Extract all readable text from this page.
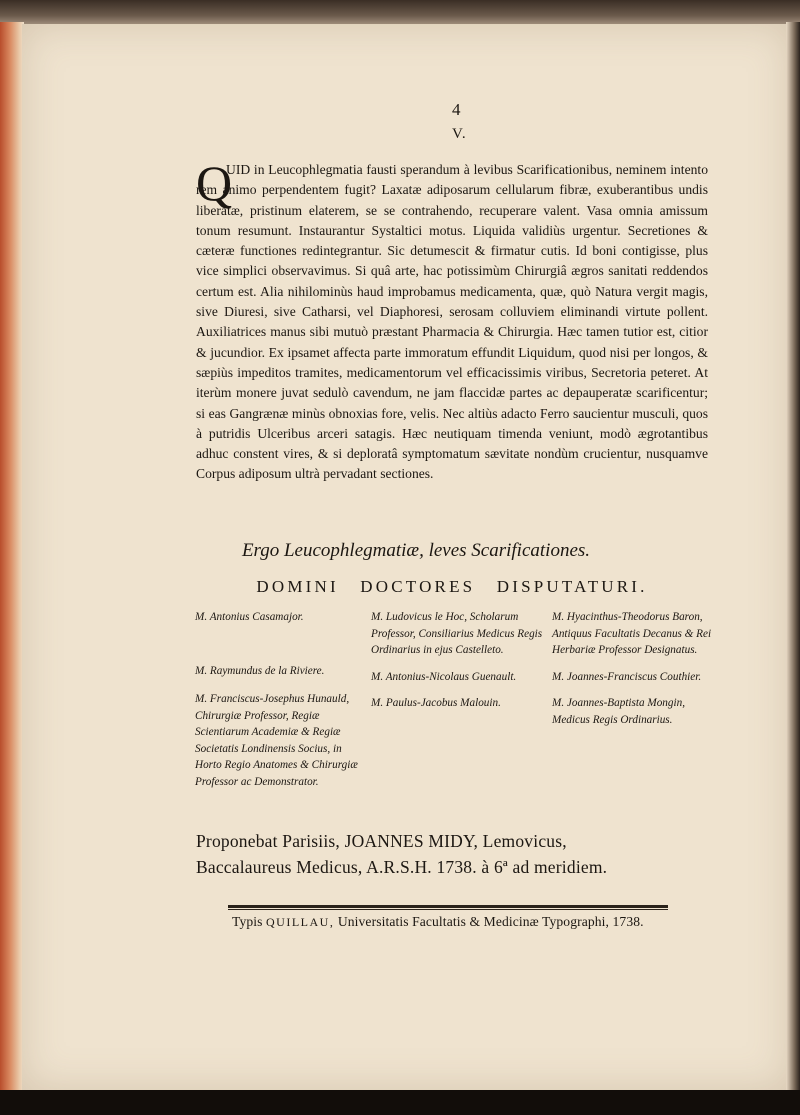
4
V.
Q
UID in Leucophlegmatia fausti sperandum à levibus Scarificationibus, neminem intento rem animo perpendentem fugit? Laxatæ adiposarum cellularum fibræ, exuberantibus undis liberatæ, pristinum elaterem, se se contrahendo, recuperare valent. Vasa omnia amissum tonum resumunt. Instaurantur Systaltici motus. Liquida validiùs urgentur. Secretiones & cæteræ functiones redintegrantur. Sic detumescit & firmatur cutis. Id boni contigisse, plus vice simplici observavimus. Si quâ arte, hac potissimùm Chirurgiâ ægros sanitati reddendos certum est. Alia nihilominùs haud improbamus medicamenta, quæ, quò Natura vergit magis, sive Diuresi, sive Catharsi, vel Diaphoresi, serosam colluviem eliminandi virtute pollent. Auxiliatrices manus sibi mutuò præstant Pharmacia & Chirurgia. Hæc tamen tutior est, citior & jucundior. Ex ipsamet affecta parte immoratum effundit Liquidum, quod nisi per longos, & sæpiùs impeditos tramites, medicamentorum vel efficacissimis viribus, Secretoria peteret. At iterùm monere juvat sedulò cavendum, ne jam flaccidæ partes ac depauperatæ scarificentur; si eas Gangrænæ minùs obnoxias fore, velis. Nec altiùs adacto Ferro saucientur musculi, quos à putridis Ulceribus arceri satagis. Hæc neutiquam timenda veniunt, modò ægrotantibus adhuc constent vires, & si deploratâ symptomatum sævitate nondùm crucientur, nusquamve Corpus adiposum ultrà pervadant sectiones.
Ergo Leucophlegmatiæ, leves Scarificationes.
DOMINI DOCTORES DISPUTATURI.

M. Antonius Casamajor.

M. Raymundus de la Riviere.

M. Franciscus-Josephus Hunauld, Chirurgiæ Professor, Regiæ Scientiarum Academiæ & Regiæ Societatis Londinensis Socius, in Horto Regio Anatomes & Chirurgiæ Professor ac Demonstrator.

M. Ludovicus le Hoc, Scholarum Professor, Consiliarius Medicus Regis Ordinarius in ejus Castelleto.

M. Antonius-Nicolaus Guenault.

M. Paulus-Jacobus Malouin.

M. Hyacinthus-Theodorus Baron, Antiquus Facultatis Decanus & Rei Herbariæ Professor Designatus.

M. Joannes-Franciscus Couthier.

M. Joannes-Baptista Mongin, Medicus Regis Ordinarius.

Proponebat Parisiis, JOANNES MIDY, Lemovicus,
Baccalaureus Medicus, A.R.S.H. 1738. à 6ª ad meridiem.
Typis QUILLAU, Universitatis Facultatis & Medicinæ Typographi, 1738.
